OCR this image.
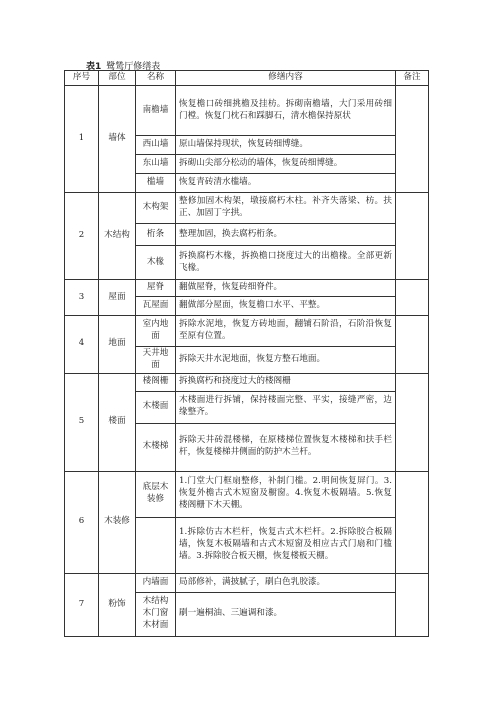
表1 鹭鸶厅修缮表
序号	部位	名称	修缮内容	备注
1	墙体	南檐墙	恢复檐口砖细挑檐及挂枋。拆砌南檐墙，大门采用砖细门樘。恢复门枕石和踩脚石，清水檐保持原状	
		西山墙	原山墙保持现状，恢复砖细博缝。	
		东山墙	拆砌山尖部分松动的墙体，恢复砖细博缝。	
		槛墙	恢复青砖清水槛墙。	
2	木结构	木构架	整修加固木构架，墩接腐朽木柱。补齐失落梁、枋。扶正、加固丁字拱。	
		桁条	整理加固，换去腐朽桁条。	
		木椽	拆换腐朽木椽，拆换檐口挠度过大的出檐椽。全部更新飞椽。	
3	屋面	屋脊	翻做屋脊，恢复砖细脊件。	
		瓦屋面	翻做部分屋面，恢复檐口水平、平整。	
4	地面	室内地面	拆除水泥地，恢复方砖地面，翻铺石阶沿，石阶沿恢复至原有位置。	
		天井地面	拆除天井水泥地面，恢复方整石地面。	
5	楼面	楼阁栅	拆换腐朽和挠度过大的楼阁栅	
		木楼面	木楼面进行拆铺，保持楼面完整、平实，接缝严密，边缘整齐。	
		木楼梯	拆除天井砖混楼梯，在原楼梯位置恢复木楼梯和扶手栏杆，恢复楼梯井侧面的防护木兰杆。	
6	木装修	底层木装修	1.门堂大门框扇整修，补制门槛。2.明间恢复屏门。3.恢复外檐古式木短窗及橱窗。4.恢复木板隔墙。5.恢复楼阁栅下木天棚。	
			1.拆除仿古木栏杆，恢复古式木栏杆。2.拆除胶合板隔墙，恢复木板隔墙和古式木短窗及相应古式门扇和门槛墙。3.拆除胶合板天棚，恢复楼板天棚。	
7	粉饰	内墙面	局部修补，满披腻子，刷白色乳胶漆。	
		木结构木门窗木材面	刷一遍桐油、三遍调和漆。	
